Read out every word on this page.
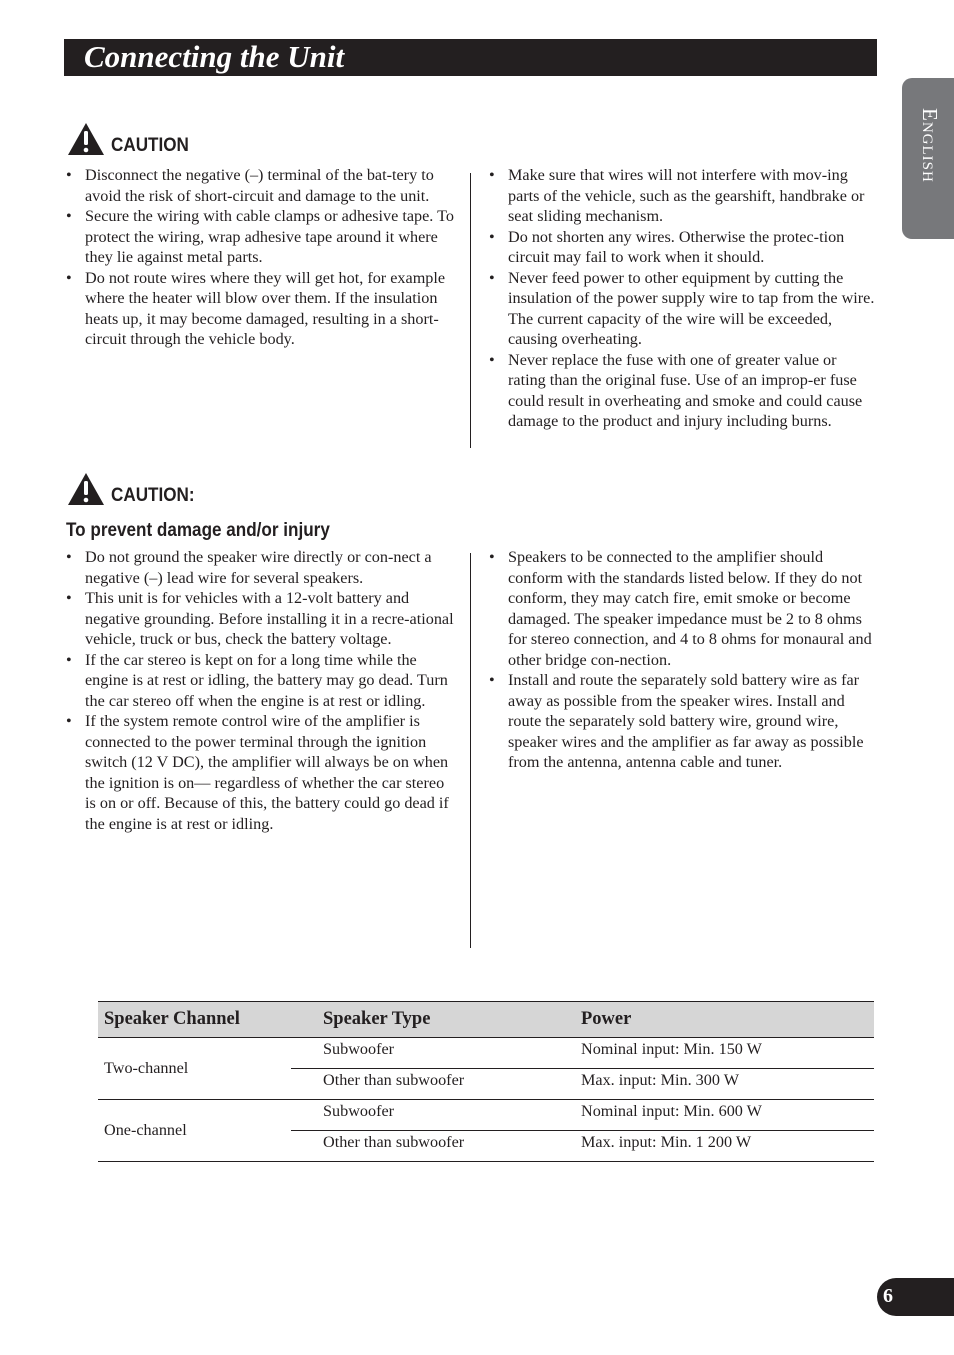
Connecting the Unit
English
CAUTION
• Disconnect the negative (–) terminal of the bat-tery to avoid the risk of short-circuit and damage to the unit.
• Secure the wiring with cable clamps or adhesive tape. To protect the wiring, wrap adhesive tape around it where they lie against metal parts.
• Do not route wires where they will get hot, for example where the heater will blow over them. If the insulation heats up, it may become damaged, resulting in a short-circuit through the vehicle body.
• Make sure that wires will not interfere with mov-ing parts of the vehicle, such as the gearshift, handbrake or seat sliding mechanism.
• Do not shorten any wires. Otherwise the protec-tion circuit may fail to work when it should.
• Never feed power to other equipment by cutting the insulation of the power supply wire to tap from the wire. The current capacity of the wire will be exceeded, causing overheating.
• Never replace the fuse with one of greater value or rating than the original fuse. Use of an improp-er fuse could result in overheating and smoke and could cause damage to the product and injury including burns.
CAUTION:
To prevent damage and/or injury
• Do not ground the speaker wire directly or con-nect a negative (–) lead wire for several speakers.
• This unit is for vehicles with a 12-volt battery and negative grounding. Before installing it in a recre-ational vehicle, truck or bus, check the battery voltage.
• If the car stereo is kept on for a long time while the engine is at rest or idling, the battery may go dead. Turn the car stereo off when the engine is at rest or idling.
• If the system remote control wire of the amplifier is connected to the power terminal through the ignition switch (12 V DC), the amplifier will always be on when the ignition is on— regardless of whether the car stereo is on or off. Because of this, the battery could go dead if the engine is at rest or idling.
• Speakers to be connected to the amplifier should conform with the standards listed below. If they do not conform, they may catch fire, emit smoke or become damaged. The speaker impedance must be 2 to 8 ohms for stereo connection, and 4 to 8 ohms for monaural and other bridge con-nection.
• Install and route the separately sold battery wire as far away as possible from the speaker wires. Install and route the separately sold battery wire, ground wire, speaker wires and the amplifier as far away as possible from the antenna, antenna cable and tuner.
Speaker Channel	Speaker Type	Power
Two-channel	Subwoofer	Nominal input: Min. 150 W
	Other than subwoofer	Max. input: Min. 300 W
One-channel	Subwoofer	Nominal input: Min. 600 W
	Other than subwoofer	Max. input: Min. 1 200 W
6
